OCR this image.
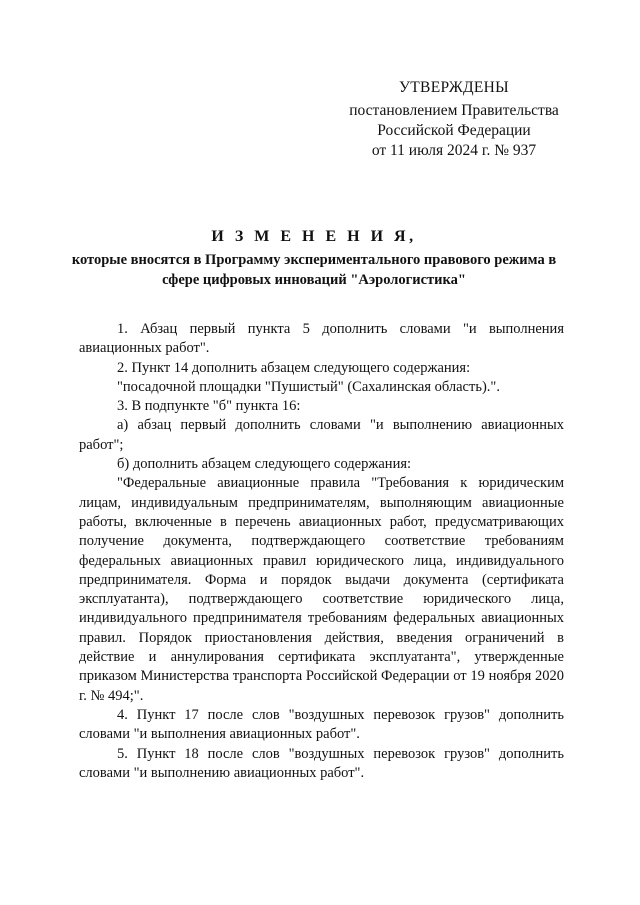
УТВЕРЖДЕНЫ
постановлением Правительства
Российской Федерации
от 11 июля 2024 г. № 937
И З М Е Н Е Н И Я,
которые вносятся в Программу экспериментального правового режима в сфере цифровых инноваций "Аэрологистика"

1. Абзац первый пункта 5 дополнить словами "и выполнения авиационных работ".

2. Пункт 14 дополнить абзацем следующего содержания:

"посадочной площадки "Пушистый" (Сахалинская область).".

3. В подпункте "б" пункта 16:

а) абзац первый дополнить словами "и выполнению авиационных работ";

б) дополнить абзацем следующего содержания:

"Федеральные авиационные правила "Требования к юридическим лицам, индивидуальным предпринимателям, выполняющим авиационные работы, включенные в перечень авиационных работ, предусматривающих получение документа, подтверждающего соответствие требованиям федеральных авиационных правил юридического лица, индивидуального предпринимателя. Форма и порядок выдачи документа (сертификата эксплуатанта), подтверждающего соответствие юридического лица, индивидуального предпринимателя требованиям федеральных авиационных правил. Порядок приостановления действия, введения ограничений в действие и аннулирования сертификата эксплуатанта", утвержденные приказом Министерства транспорта Российской Федерации от 19 ноября 2020 г. № 494;".

4. Пункт 17 после слов "воздушных перевозок грузов" дополнить словами "и выполнения авиационных работ".

5. Пункт 18 после слов "воздушных перевозок грузов" дополнить словами "и выполнению авиационных работ".
